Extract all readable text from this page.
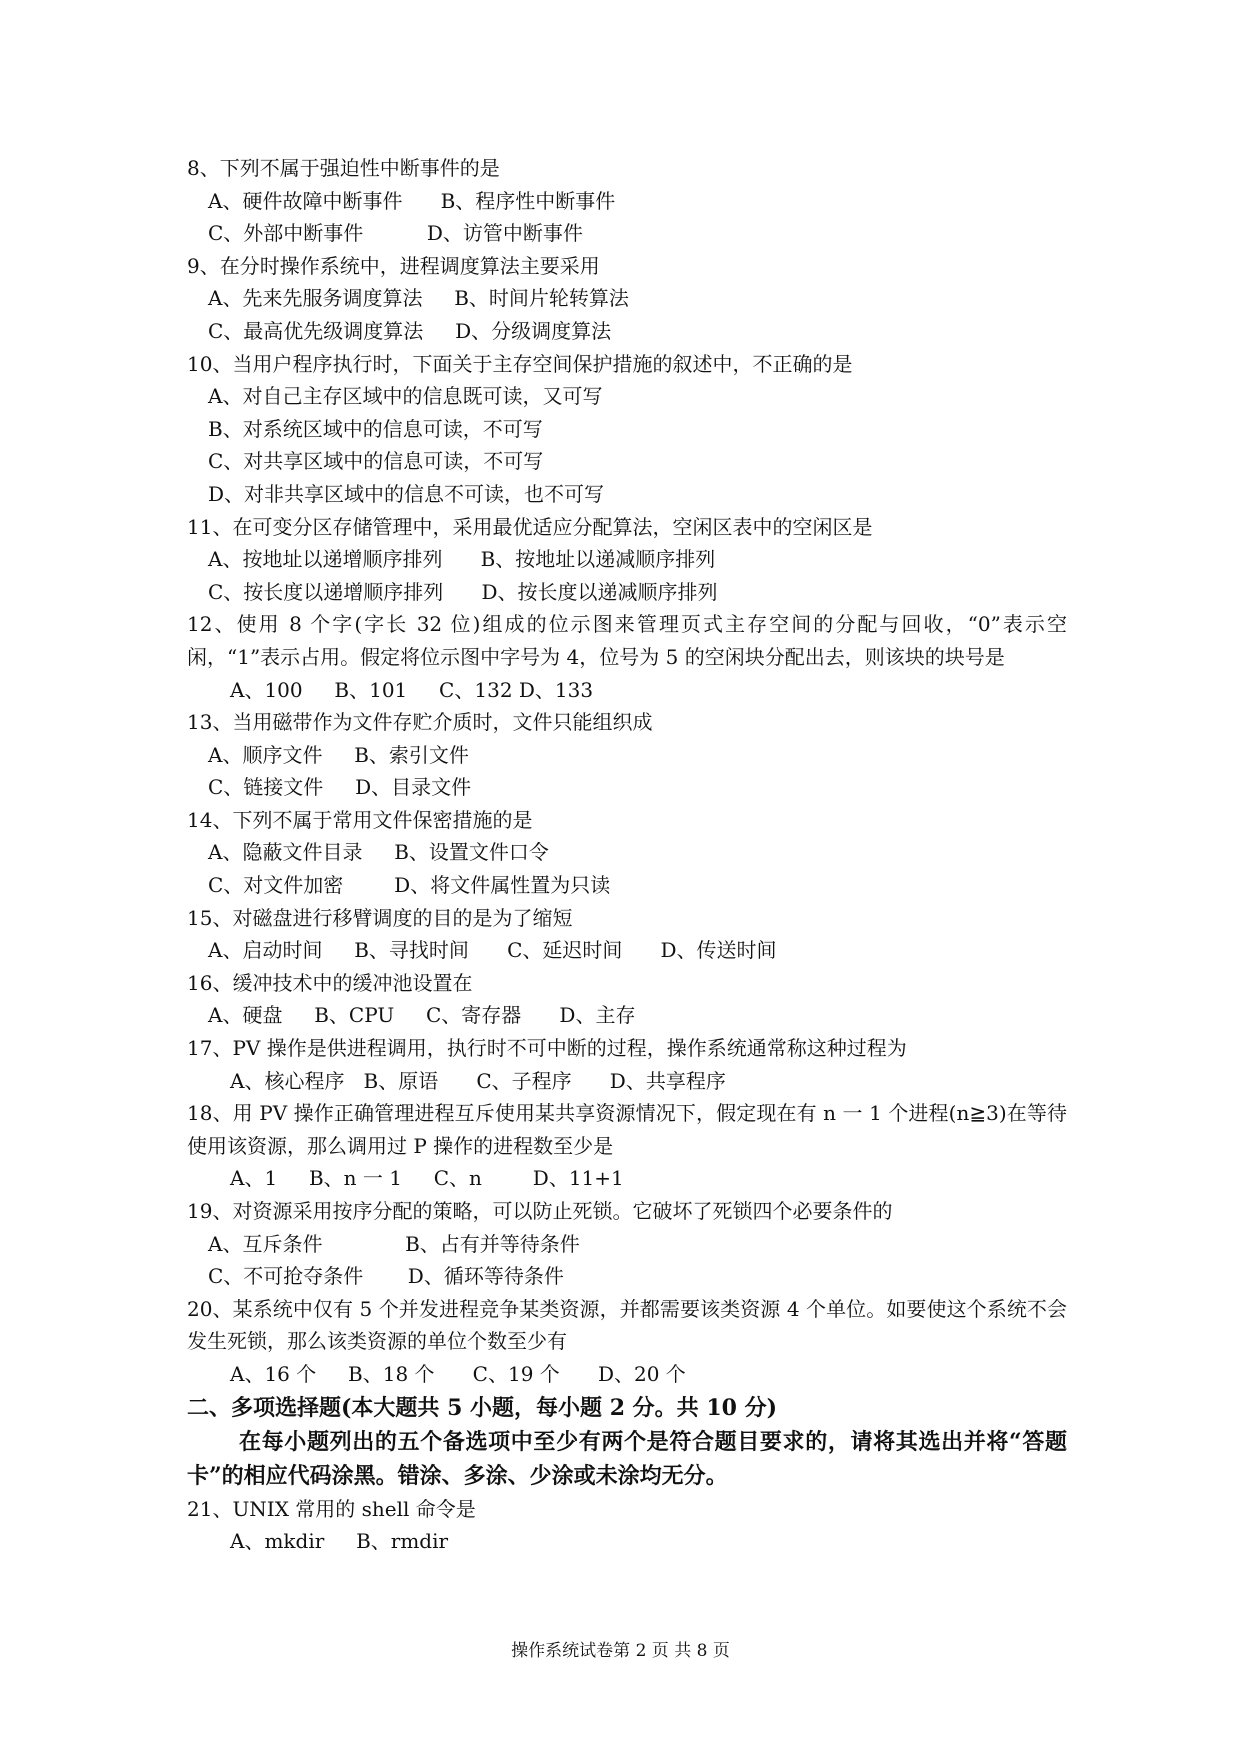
8、下列不属于强迫性中断事件的是

A、硬件故障中断事件      B、程序性中断事件

C、外部中断事件          D、访管中断事件

9、在分时操作系统中，进程调度算法主要采用

A、先来先服务调度算法     B、时间片轮转算法

C、最高优先级调度算法     D、分级调度算法

10、当用户程序执行时，下面关于主存空间保护措施的叙述中，不正确的是

A、对自己主存区域中的信息既可读，又可写

B、对系统区域中的信息可读，不可写

C、对共享区域中的信息可读，不可写

D、对非共享区域中的信息不可读，也不可写

11、在可变分区存储管理中，采用最优适应分配算法，空闲区表中的空闲区是

A、按地址以递增顺序排列      B、按地址以递减顺序排列

C、按长度以递增顺序排列      D、按长度以递减顺序排列

12、使用 8 个字(字长 32 位)组成的位示图来管理页式主存空间的分配与回收，“0”表示空闲，“1”表示占用。假定将位示图中字号为 4，位号为 5 的空闲块分配出去，则该块的块号是

A、100     B、101     C、132 D、133

13、当用磁带作为文件存贮介质时，文件只能组织成

A、顺序文件     B、索引文件

C、链接文件     D、目录文件

14、下列不属于常用文件保密措施的是

A、隐蔽文件目录     B、设置文件口令

C、对文件加密        D、将文件属性置为只读

15、对磁盘进行移臂调度的目的是为了缩短

A、启动时间     B、寻找时间      C、延迟时间      D、传送时间

16、缓冲技术中的缓冲池设置在

A、硬盘     B、CPU     C、寄存器      D、主存

17、PV 操作是供进程调用，执行时不可中断的过程，操作系统通常称这种过程为

A、核心程序   B、原语      C、子程序      D、共享程序

18、用 PV 操作正确管理进程互斥使用某共享资源情况下，假定现在有 n 一 1 个进程(n≧3)在等待使用该资源，那么调用过 P 操作的进程数至少是

A、1     B、n 一 1     C、n        D、11+1

19、对资源采用按序分配的策略，可以防止死锁。它破坏了死锁四个必要条件的

A、互斥条件             B、占有并等待条件

C、不可抢夺条件       D、循环等待条件

20、某系统中仅有 5 个并发进程竞争某类资源，并都需要该类资源 4 个单位。如要使这个系统不会发生死锁，那么该类资源的单位个数至少有

A、16 个     B、18 个      C、19 个      D、20 个

二、多项选择题(本大题共 5 小题，每小题 2 分。共 10 分)

在每小题列出的五个备选项中至少有两个是符合题目要求的，请将其选出并将“答题卡”的相应代码涂黑。错涂、多涂、少涂或未涂均无分。

21、UNIX 常用的 shell 命令是

A、mkdir     B、rmdir

操作系统试卷第 2 页 共 8 页
